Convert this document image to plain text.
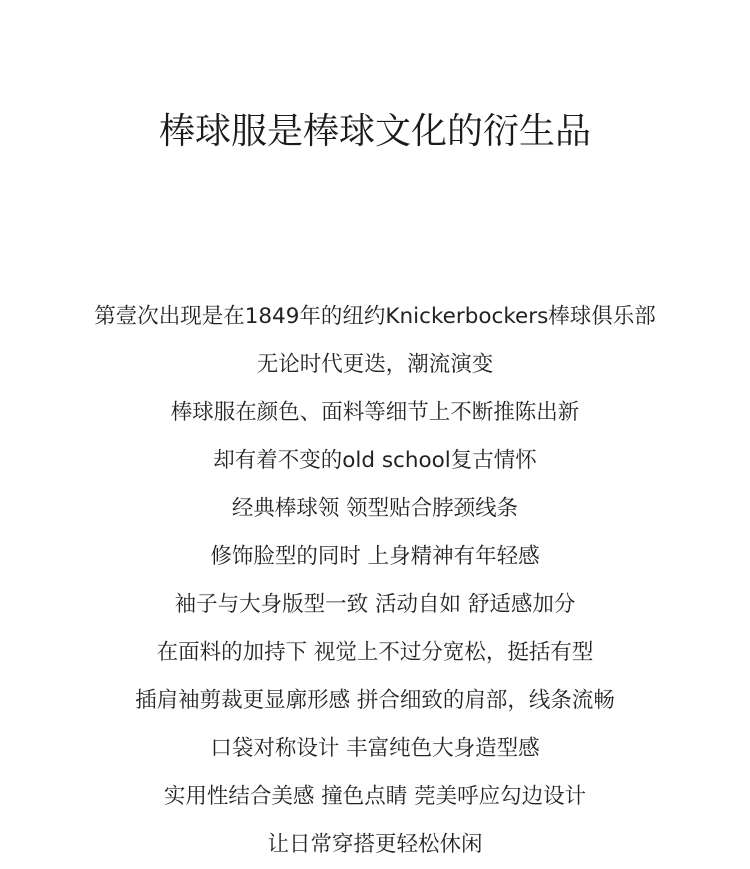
棒球服是棒球文化的衍生品
第壹次出现是在1849年的纽约Knickerbockers棒球俱乐部
无论时代更迭，潮流演变
棒球服在颜色、面料等细节上不断推陈出新
却有着不变的old school复古情怀
经典棒球领 领型贴合脖颈线条
修饰脸型的同时 上身精神有年轻感
袖子与大身版型一致 活动自如 舒适感加分
在面料的加持下 视觉上不过分宽松，挺括有型
插肩袖剪裁更显廓形感 拼合细致的肩部，线条流畅
口袋对称设计 丰富纯色大身造型感
实用性结合美感 撞色点睛 莞美呼应勾边设计
让日常穿搭更轻松休闲
